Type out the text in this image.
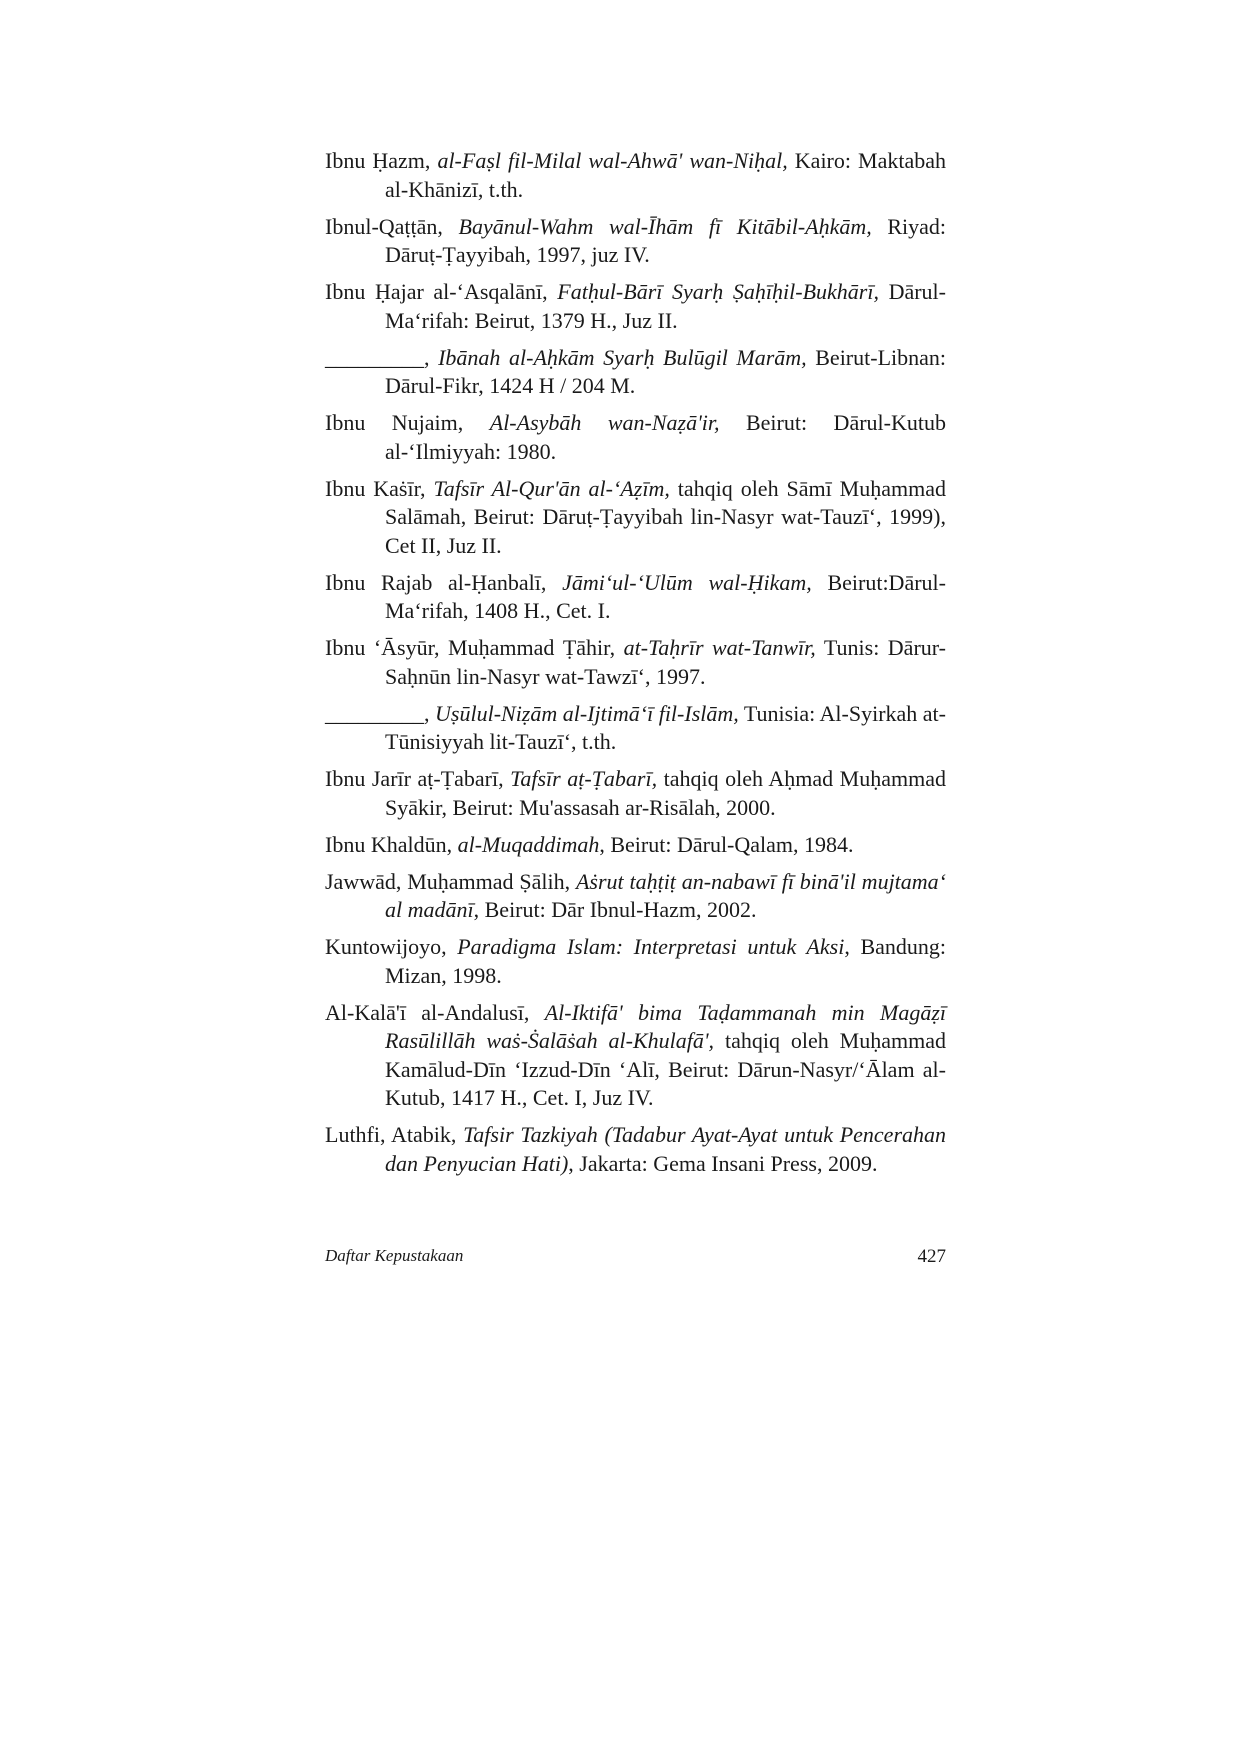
Ibnu Ḥazm, al-Faṣl fil-Milal wal-Ahwā' wan-Niḥal, Kairo: Maktabah al-Khānizī, t.th.

Ibnul-Qaṭṭān, Bayānul-Wahm wal-Īhām fī Kitābil-Aḥkām, Riyad: Dāruṭ-Ṭayyibah, 1997, juz IV.

Ibnu Ḥajar al-‘Asqalānī, Fatḥul-Bārī Syarḥ Ṣaḥīḥil-Bukhārī, Dārul-Ma‘rifah: Beirut, 1379 H., Juz II.

_________, Ibānah al-Aḥkām Syarḥ Bulūgil Marām, Beirut-Libnan: Dārul-Fikr, 1424 H / 204 M.

Ibnu Nujaim, Al-Asybāh wan-Naẓā'ir, Beirut: Dārul-Kutub al-‘Ilmiyyah: 1980.

Ibnu Kaṡīr, Tafsīr Al-Qur'ān al-‘Aẓīm, tahqiq oleh Sāmī Muḥammad Salāmah, Beirut: Dāruṭ-Ṭayyibah lin-Nasyr wat-Tauzī‘, 1999), Cet II, Juz II.

Ibnu Rajab al-Ḥanbalī, Jāmi‘ul-‘Ulūm wal-Ḥikam, Beirut:Dārul-Ma‘rifah, 1408 H., Cet. I.

Ibnu ‘Āsyūr, Muḥammad Ṭāhir, at-Taḥrīr wat-Tanwīr, Tunis: Dārur-Saḥnūn lin-Nasyr wat-Tawzī‘, 1997.

_________, Uṣūlul-Niẓām al-Ijtimā‘ī fil-Islām, Tunisia: Al-Syirkah at-Tūnisiyyah lit-Tauzī‘, t.th.

Ibnu Jarīr aṭ-Ṭabarī, Tafsīr aṭ-Ṭabarī, tahqiq oleh Aḥmad Muḥammad Syākir, Beirut: Mu'assasah ar-Risālah, 2000.

Ibnu Khaldūn, al-Muqaddimah, Beirut: Dārul-Qalam, 1984.

Jawwād, Muḥammad Ṣālih, Aṡrut taḥṭiṭ an-nabawī fī binā'il mujtama‘ al madānī, Beirut: Dār Ibnul-Hazm, 2002.

Kuntowijoyo, Paradigma Islam: Interpretasi untuk Aksi, Bandung: Mizan, 1998.

Al-Kalā'ī al-Andalusī, Al-Iktifā' bima Taḍammanah min Magāẓī Rasūlillāh waṡ-Ṡalāṡah al-Khulafā', tahqiq oleh Muḥammad Kamālud-Dīn ‘Izzud-Dīn ‘Alī, Beirut: Dārun-Nasyr/‘Ālam al-Kutub, 1417 H., Cet. I, Juz IV.

Luthfi, Atabik, Tafsir Tazkiyah (Tadabur Ayat-Ayat untuk Pencerahan dan Penyucian Hati), Jakarta: Gema Insani Press, 2009.

Daftar Kepustakaan	427
